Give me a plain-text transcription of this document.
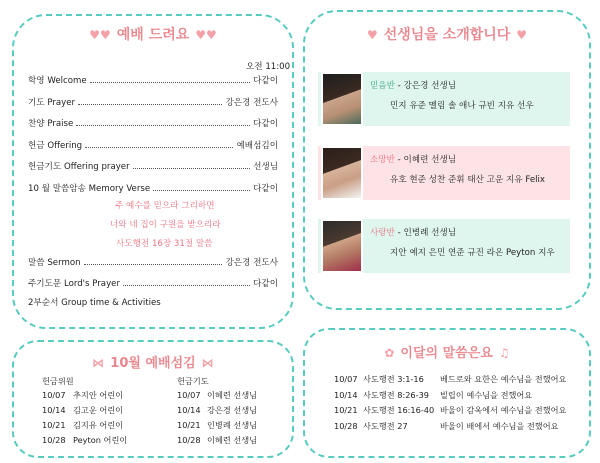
♥♥ 예배 드려요 ♥♥
오전 11:00
학영 Welcome	다같이
기도 Prayer	강은경 전도사
찬양 Praise	다같이
헌금 Offering	예배섬김이
헌금기도 Offering prayer	선생님
10 월 말씀암송 Memory Verse	다같이
주 예수를 믿으라 그리하면
너와 네 집이 구원을 받으리라
사도행전 16장 31절 말씀
말씀 Sermon	강은경 전도사
주기도문 Lord's Prayer	다같이
2부순서 Group time & Activities
♥ 선생님을 소개합니다 ♥
믿음반 - 강은경 선생님
민지 유준 멜림 솔 애나 규빈 지유 선우
소망반 - 이혜련 선생님
유호 현준 성찬 준휘 태산 고운 지유 Felix
사랑반 - 인병례 선생님
지안 예지 은민 연준 규진 라온 Peyton 지우
⋈ 10월 예배섬김 ⋈
헌금위원	헌금기도
10/07 추지안 어린이	10/07 이혜련 선생님
10/14 김고운 어린이	10/14 강은경 선생님
10/21 김지유 어린이	10/21 인병례 선생님
10/28 Peyton 어린이	10/28 이혜련 선생님
✿ 이달의 말씀은요 ♫
10/07 사도행전 3:1-16 베드로와 요한은 예수님을 전했어요
10/14 사도행전 8:26-39 빌립이 예수님을 전했어요
10/21 사도행전 16:16-40 바울이 감옥에서 예수님을 전했어요
10/28 사도행전 27	바울이 배에서 예수님을 전했어요
